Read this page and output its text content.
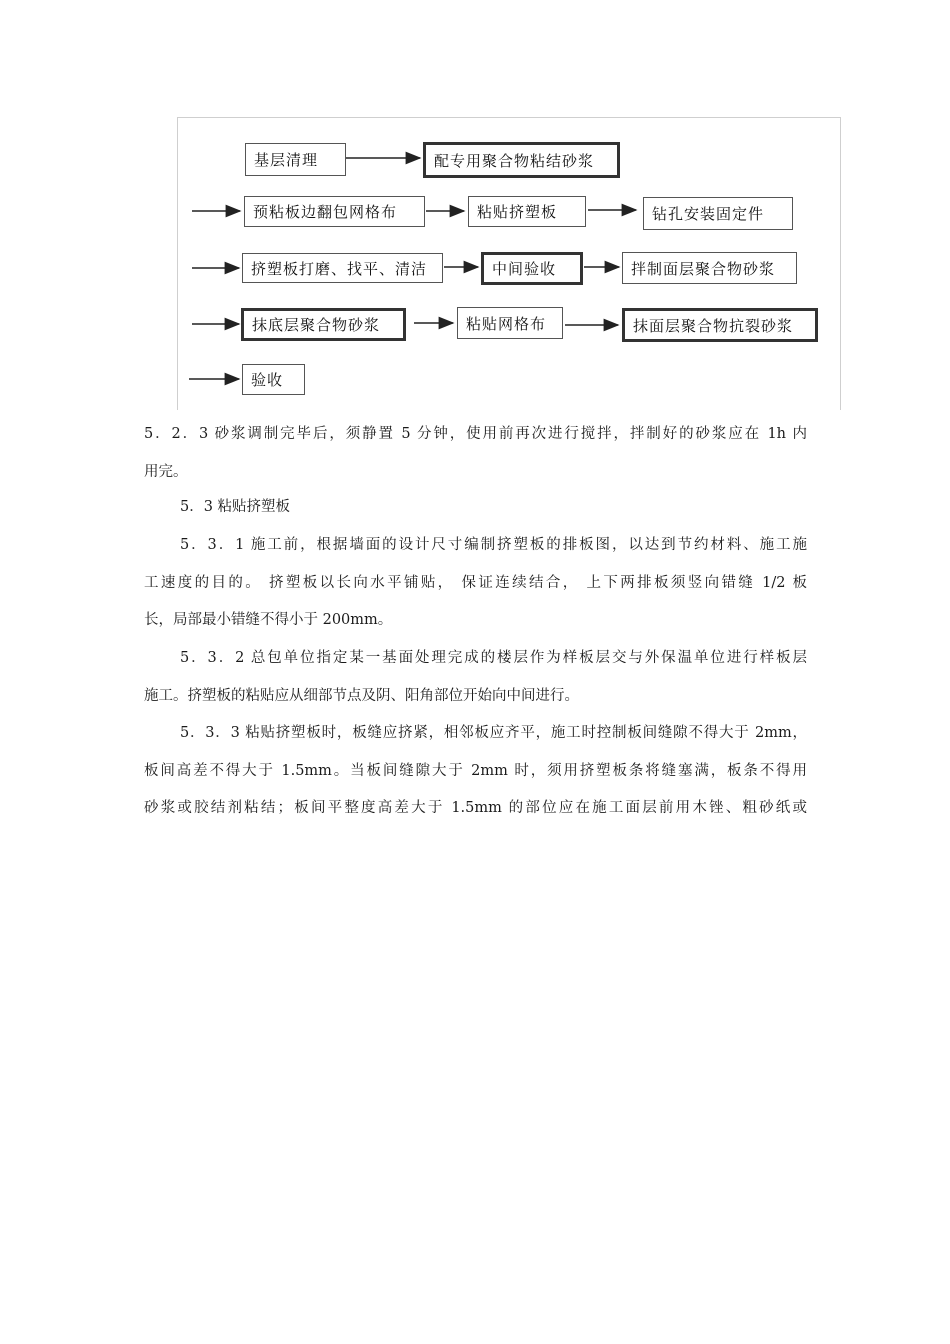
基层清理	配专用聚合物粘结砂浆
预粘板边翻包网格布	粘贴挤塑板	钻孔安装固定件
挤塑板打磨、找平、清洁	中间验收	拌制面层聚合物砂浆
抹底层聚合物砂浆	粘贴网格布	抹面层聚合物抗裂砂浆
验收

5．2．3 砂浆调制完毕后，须静置 5 分钟，使用前再次进行搅拌，拌制好的砂浆应在 1h 内

用完。

5．3 粘贴挤塑板

5．3．1 施工前，根据墙面的设计尺寸编制挤塑板的排板图，以达到节约材料、施工施

工速度的目的。 挤塑板以长向水平铺贴， 保证连续结合， 上下两排板须竖向错缝 1/2 板

长，局部最小错缝不得小于 200mm。

5．3．2 总包单位指定某一基面处理完成的楼层作为样板层交与外保温单位进行样板层

施工。挤塑板的粘贴应从细部节点及阴、阳角部位开始向中间进行。

5．3．3 粘贴挤塑板时，板缝应挤紧，相邻板应齐平，施工时控制板间缝隙不得大于 2mm，

板间高差不得大于 1.5mm。当板间缝隙大于 2mm 时，须用挤塑板条将缝塞满，板条不得用

砂浆或胶结剂粘结；板间平整度高差大于 1.5mm 的部位应在施工面层前用木锉、粗砂纸或
